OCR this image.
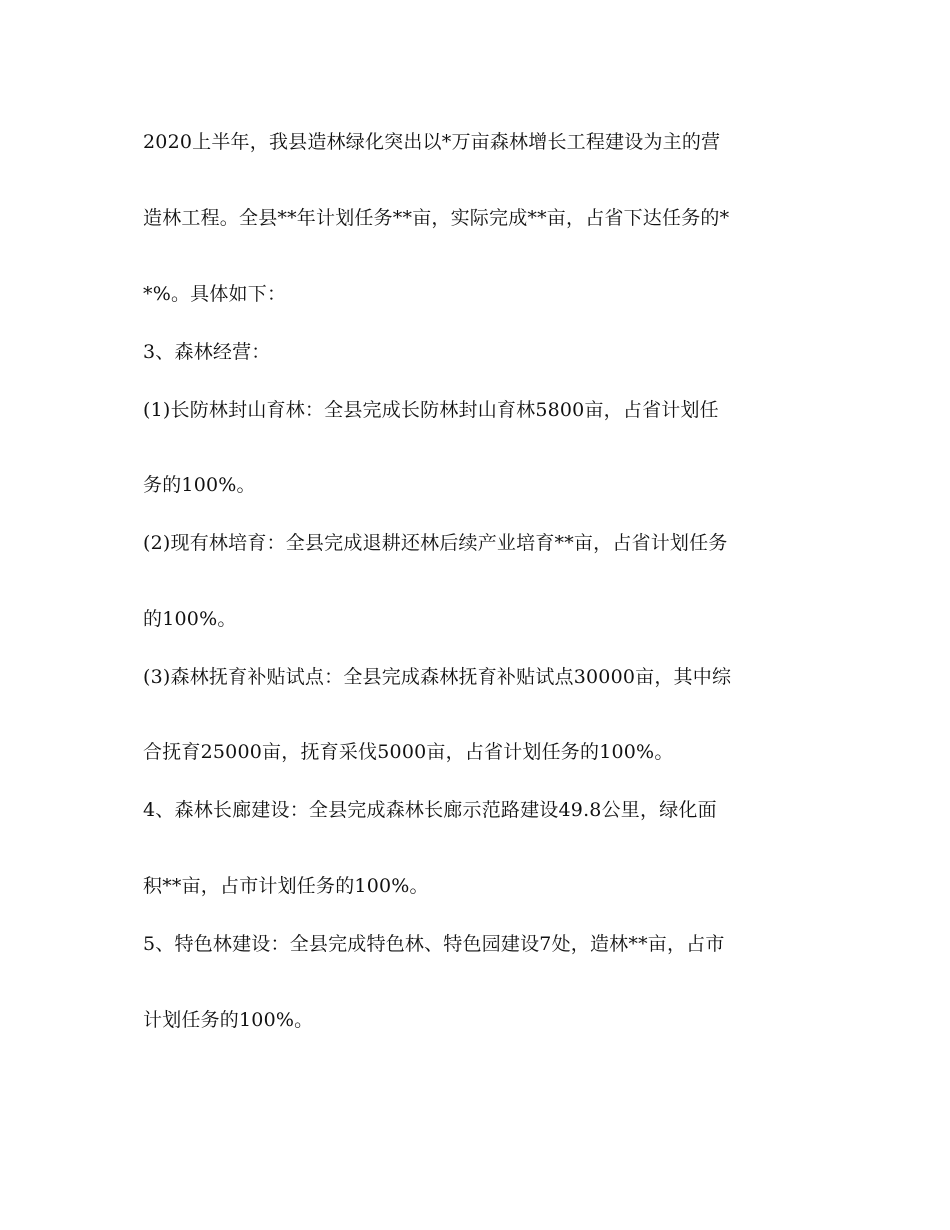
2020上半年，我县造林绿化突出以*万亩森林增长工程建设为主的营
造林工程。全县**年计划任务**亩，实际完成**亩，占省下达任务的*
*%。具体如下：
3、森林经营：
(1)长防林封山育林：全县完成长防林封山育林5800亩，占省计划任
务的100%。
(2)现有林培育：全县完成退耕还林后续产业培育**亩，占省计划任务
的100%。
(3)森林抚育补贴试点：全县完成森林抚育补贴试点30000亩，其中综
合抚育25000亩，抚育采伐5000亩，占省计划任务的100%。
4、森林长廊建设：全县完成森林长廊示范路建设49.8公里，绿化面
积**亩，占市计划任务的100%。
5、特色林建设：全县完成特色林、特色园建设7处，造林**亩，占市
计划任务的100%。
